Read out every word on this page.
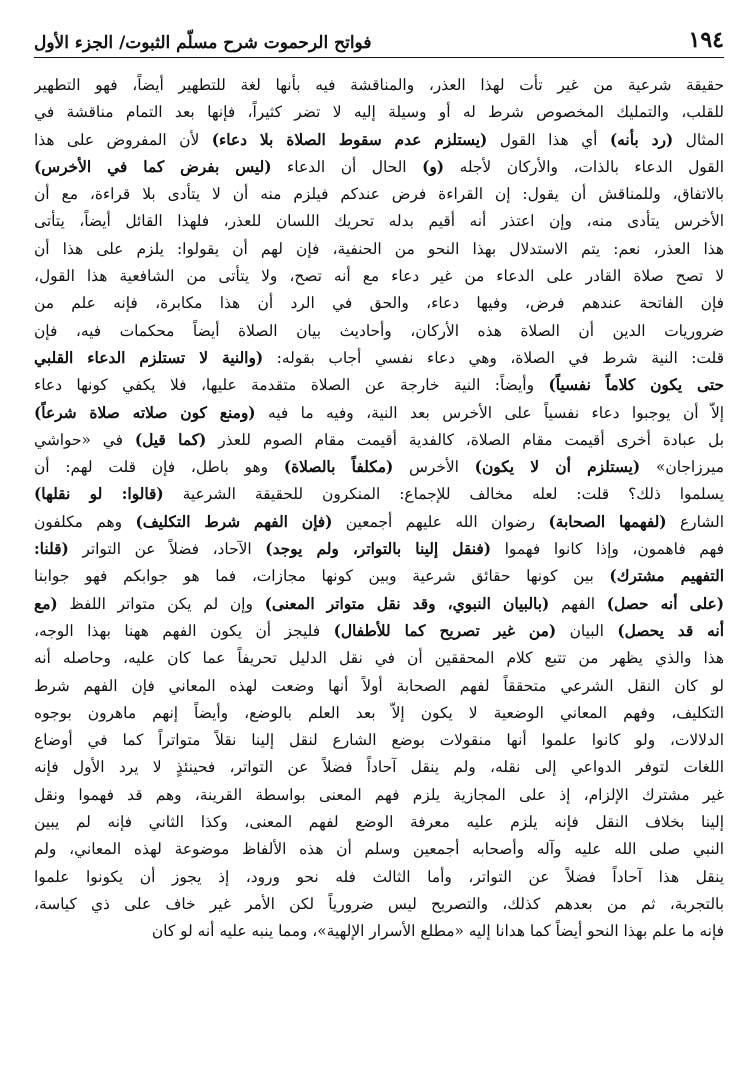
١٩٤
فواتح الرحموت شرح مسلّم الثبوت/ الجزء الأول
حقيقة شرعية من غير تأت لهذا العذر، والمناقشة فيه بأنها لغة للتطهير أيضاً، فهو التطهير
للقلب، والتمليك المخصوص شرط له أو وسيلة إليه لا تضر كثيراً، فإنها بعد التمام مناقشة في
المثال (رد بأنه) أي هذا القول (يستلزم عدم سقوط الصلاة بلا دعاء) لأن المفروض على هذا
القول الدعاء بالذات، والأركان لأجله (و) الحال أن الدعاء (ليس بفرض كما في الأخرس)
بالاتفاق، وللمناقش أن يقول: إن القراءة فرض عندكم فيلزم منه أن لا يتأدى بلا قراءة، مع أن
الأخرس يتأدى منه، وإن اعتذر أنه أقيم بدله تحريك اللسان للعذر، فلهذا القائل أيضاً، يتأتى
هذا العذر، نعم: يتم الاستدلال بهذا النحو من الحنفية، فإن لهم أن يقولوا: يلزم على هذا أن
لا تصح صلاة القادر على الدعاء من غير دعاء مع أنه تصح، ولا يتأتى من الشافعية هذا القول،
فإن الفاتحة عندهم فرض، وفيها دعاء، والحق في الرد أن هذا مكابرة، فإنه علم من
ضروريات الدين أن الصلاة هذه الأركان، وأحاديث بيان الصلاة أيضاً محكمات فيه، فإن
قلت: النية شرط في الصلاة، وهي دعاء نفسي أجاب بقوله: (والنية لا تستلزم الدعاء القلبي
حتى يكون كلاماً نفسياً) وأيضاً: النية خارجة عن الصلاة متقدمة عليها، فلا يكفي كونها دعاء
إلاّ أن يوجبوا دعاء نفسياً على الأخرس بعد النية، وفيه ما فيه (ومنع كون صلاته صلاة شرعاً)
بل عبادة أخرى أقيمت مقام الصلاة، كالفدية أقيمت مقام الصوم للعذر (كما قيل) في «حواشي
ميرزاجان» (يستلزم أن لا يكون) الأخرس (مكلفاً بالصلاة) وهو باطل، فإن قلت لهم: أن
يسلموا ذلك؟ قلت: لعله مخالف للإجماع: المنكرون للحقيقة الشرعية (قالوا: لو نقلها)
الشارع (لفهمها الصحابة) رضوان الله عليهم أجمعين (فإن الفهم شرط التكليف) وهم مكلفون
فهم فاهمون، وإذا كانوا فهموا (فنقل إلينا بالتواتر، ولم يوجد) الآحاد، فضلاً عن التواتر (قلنا:
التفهيم مشترك) بين كونها حقائق شرعية وبين كونها مجازات، فما هو جوابكم فهو جوابنا
(على أنه حصل) الفهم (بالبيان النبوي، وقد نقل متواتر المعنى) وإن لم يكن متواتر اللفظ (مع
أنه قد يحصل) البيان (من غير تصريح كما للأطفال) فليجز أن يكون الفهم ههنا بهذا الوجه،
هذا والذي يظهر من تتبع كلام المحققين أن في نقل الدليل تحريفاً عما كان عليه، وحاصله أنه
لو كان النقل الشرعي متحققاً لفهم الصحابة أولاً أنها وضعت لهذه المعاني فإن الفهم شرط
التكليف، وفهم المعاني الوضعية لا يكون إلاّ بعد العلم بالوضع، وأيضاً إنهم ماهرون بوجوه
الدلالات، ولو كانوا علموا أنها منقولات بوضع الشارع لنقل إلينا نقلاً متواتراً كما في أوضاع
اللغات لتوفر الدواعي إلى نقله، ولم ينقل آحاداً فضلاً عن التواتر، فحينئذٍ لا يرد الأول فإنه
غير مشترك الإلزام، إذ على المجازية يلزم فهم المعنى بواسطة القرينة، وهم قد فهموا ونقل
إلينا بخلاف النقل فإنه يلزم عليه معرفة الوضع لفهم المعنى، وكذا الثاني فإنه لم يبين
النبي صلى الله عليه وآله وأصحابه أجمعين وسلم أن هذه الألفاظ موضوعة لهذه المعاني، ولم
ينقل هذا آحاداً فضلاً عن التواتر، وأما الثالث فله نحو ورود، إذ يجوز أن يكونوا علموا
بالتجربة، ثم من بعدهم كذلك، والتصريح ليس ضرورياً لكن الأمر غير خاف على ذي كياسة،
فإنه ما علم بهذا النحو أيضاً كما هدانا إليه «مطلع الأسرار الإلهية»، ومما ينبه عليه أنه لو كان
